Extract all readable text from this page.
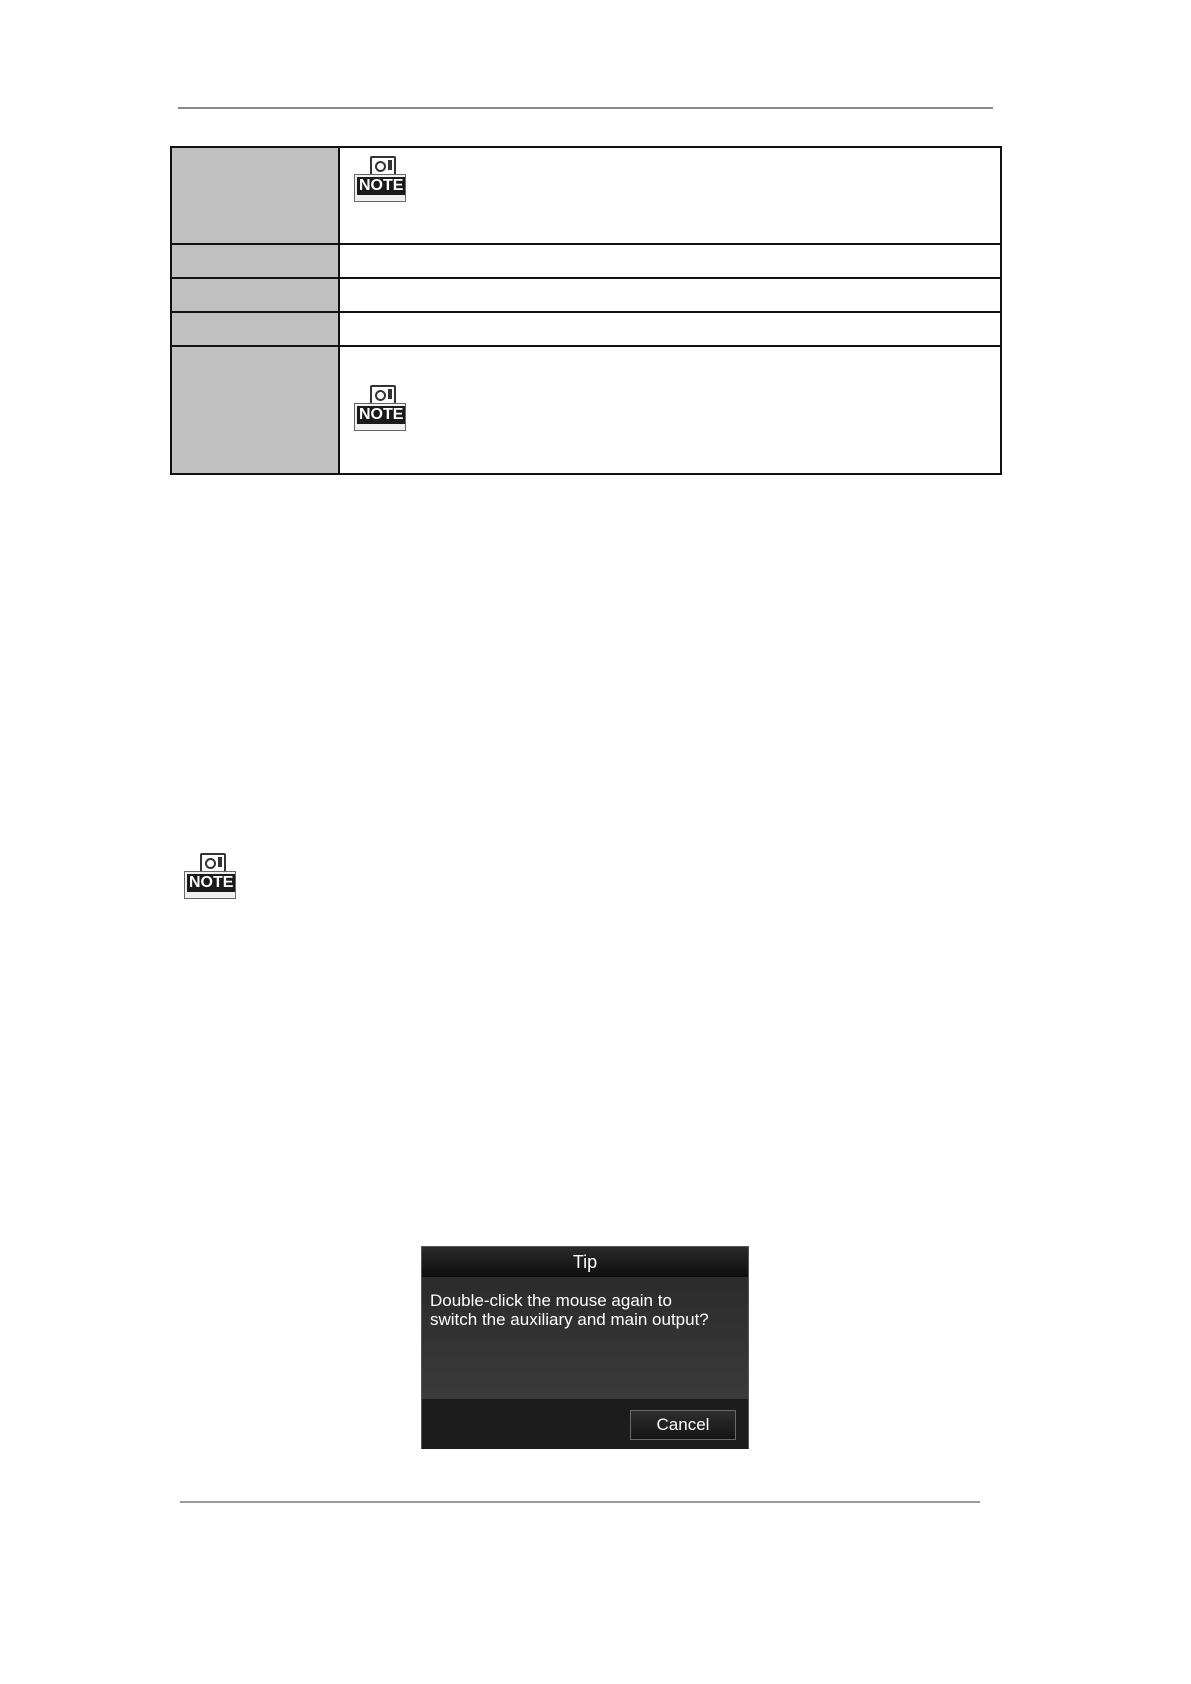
	NOTE

	NOTE
NOTE
Tip
Double-click the mouse again to
switch the auxiliary and main output?
Cancel
